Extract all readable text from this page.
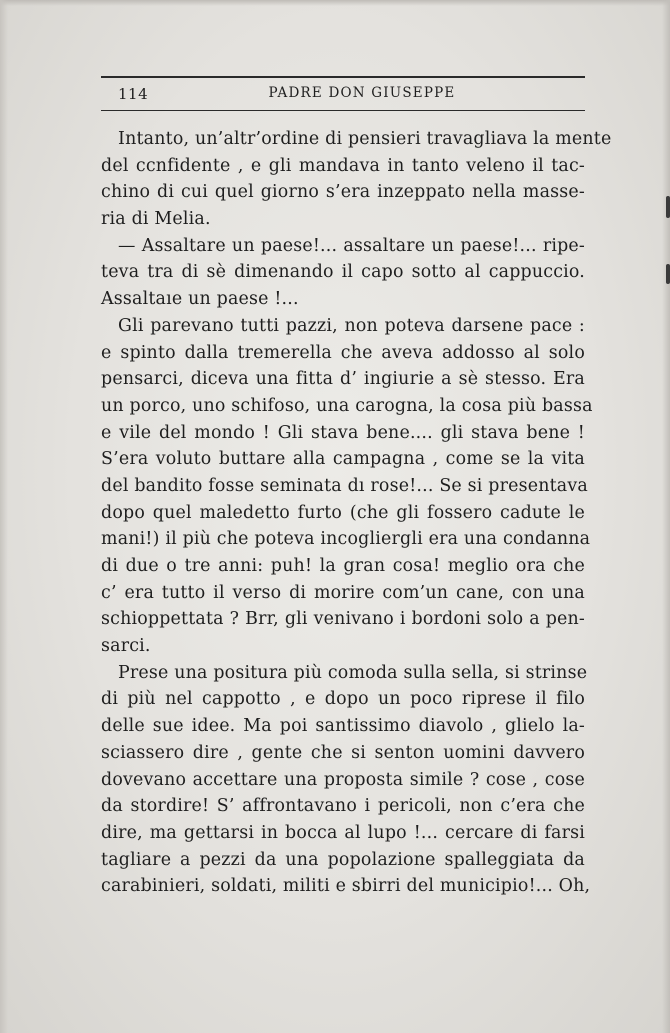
114	PADRE DON GIUSEPPE
Intanto, un’altr’ordine di pensieri travagliava la mente
del ccnfidente , e gli mandava in tanto veleno il tac-
chino di cui quel giorno s’era inzeppato nella masse-
ria di Melia.
— Assaltare un paese!... assaltare un paese!... ripe-
teva tra di sè dimenando il capo sotto al cappuccio.
Assaltaıe un paese !...
Gli parevano tutti pazzi, non poteva darsene pace :
e spinto dalla tremerella che aveva addosso al solo
pensarci, diceva una fitta d’ ingiurie a sè stesso. Era
un porco, uno schifoso, una carogna, la cosa più bassa
e vile del mondo ! Gli stava bene.... gli stava bene !
S’era voluto buttare alla campagna , come se la vita
del bandito fosse seminata dı rose!... Se si presentava
dopo quel maledetto furto (che gli fossero cadute le
mani!) il più che poteva incogliergli era una condanna
di due o tre anni: puh! la gran cosa! meglio ora che
c’ era tutto il verso di morire com’un cane, con una
schioppettata ? Brr, gli venivano i bordoni solo a pen-
sarci.
Prese una positura più comoda sulla sella, si strinse
di più nel cappotto , e dopo un poco riprese il filo
delle sue idee. Ma poi santissimo diavolo , glielo la-
sciassero dire , gente che si senton uomini davvero
dovevano accettare una proposta simile ? cose , cose
da stordire! S’ affrontavano i pericoli, non c’era che
dire, ma gettarsi in bocca al lupo !... cercare di farsi
tagliare a pezzi da una popolazione spalleggiata da
carabinieri, soldati, militi e sbirri del municipio!... Oh,
